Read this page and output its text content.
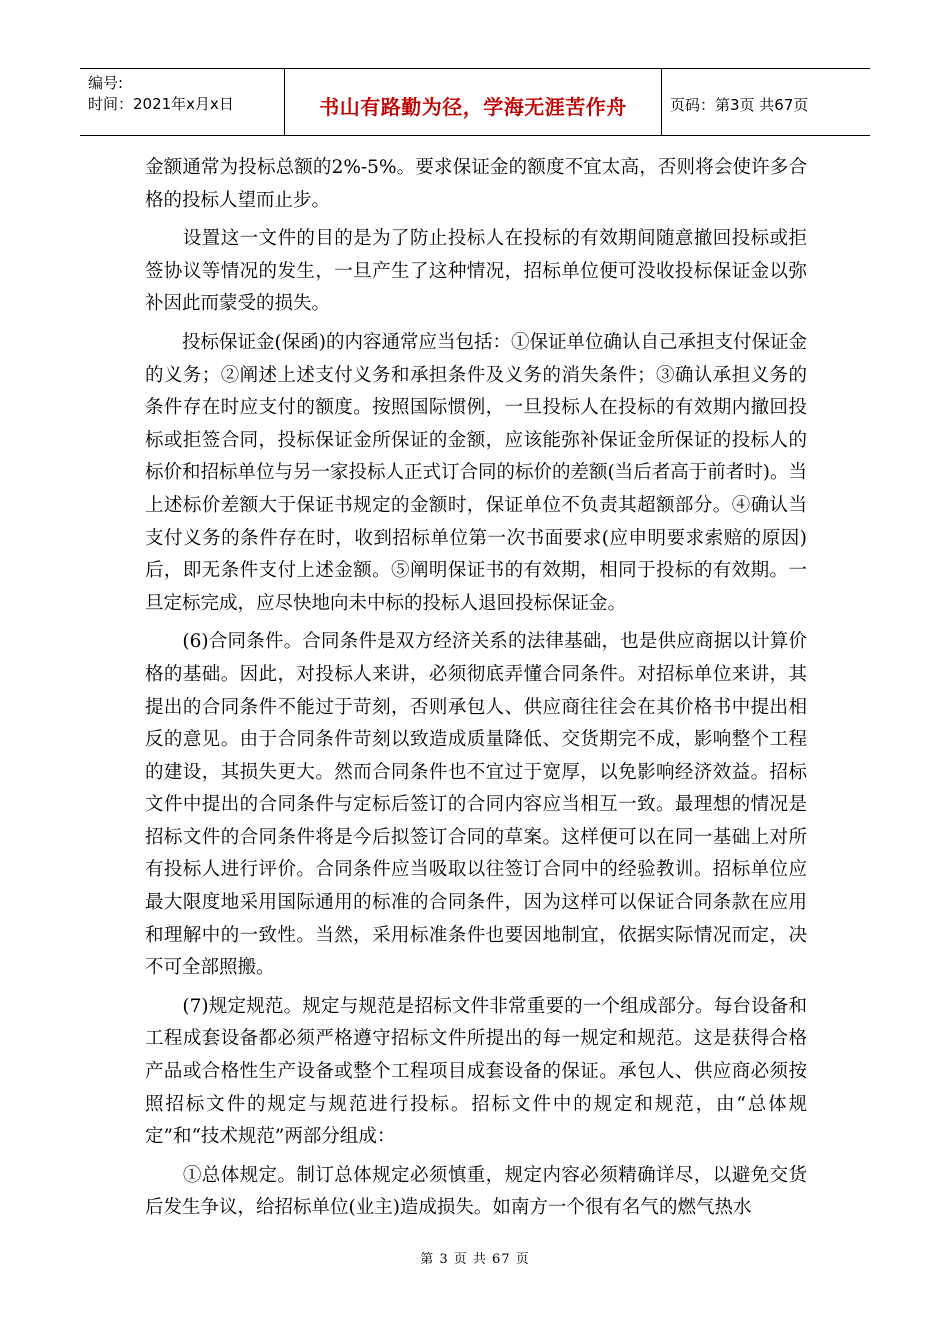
编号:
时间：2021年x月x日	书山有路勤为径，学海无涯苦作舟	页码：第3页 共67页

金额通常为投标总额的2%-5%。要求保证金的额度不宜太高，否则将会使许多合格的投标人望而止步。

　　设置这一文件的目的是为了防止投标人在投标的有效期间随意撤回投标或拒签协议等情况的发生，一旦产生了这种情况，招标单位便可没收投标保证金以弥补因此而蒙受的损失。

　　投标保证金(保函)的内容通常应当包括：①保证单位确认自己承担支付保证金的义务；②阐述上述支付义务和承担条件及义务的消失条件；③确认承担义务的条件存在时应支付的额度。按照国际惯例，一旦投标人在投标的有效期内撤回投标或拒签合同，投标保证金所保证的金额，应该能弥补保证金所保证的投标人的标价和招标单位与另一家投标人正式订合同的标价的差额(当后者高于前者时)。当上述标价差额大于保证书规定的金额时，保证单位不负责其超额部分。④确认当支付义务的条件存在时，收到招标单位第一次书面要求(应申明要求索赔的原因)后，即无条件支付上述金额。⑤阐明保证书的有效期，相同于投标的有效期。一旦定标完成，应尽快地向未中标的投标人退回投标保证金。

　　(6)合同条件。合同条件是双方经济关系的法律基础，也是供应商据以计算价格的基础。因此，对投标人来讲，必须彻底弄懂合同条件。对招标单位来讲，其提出的合同条件不能过于苛刻，否则承包人、供应商往往会在其价格书中提出相反的意见。由于合同条件苛刻以致造成质量降低、交货期完不成，影响整个工程的建设，其损失更大。然而合同条件也不宜过于宽厚，以免影响经济效益。招标文件中提出的合同条件与定标后签订的合同内容应当相互一致。最理想的情况是招标文件的合同条件将是今后拟签订合同的草案。这样便可以在同一基础上对所有投标人进行评价。合同条件应当吸取以往签订合同中的经验教训。招标单位应最大限度地采用国际通用的标准的合同条件，因为这样可以保证合同条款在应用和理解中的一致性。当然，采用标准条件也要因地制宜，依据实际情况而定，决不可全部照搬。

　　(7)规定规范。规定与规范是招标文件非常重要的一个组成部分。每台设备和工程成套设备都必须严格遵守招标文件所提出的每一规定和规范。这是获得合格产品或合格性生产设备或整个工程项目成套设备的保证。承包人、供应商必须按照招标文件的规定与规范进行投标。招标文件中的规定和规范，由“总体规定”和“技术规范”两部分组成：

　　①总体规定。制订总体规定必须慎重，规定内容必须精确详尽，以避免交货后发生争议，给招标单位(业主)造成损失。如南方一个很有名气的燃气热水

第 3 页 共 67 页
